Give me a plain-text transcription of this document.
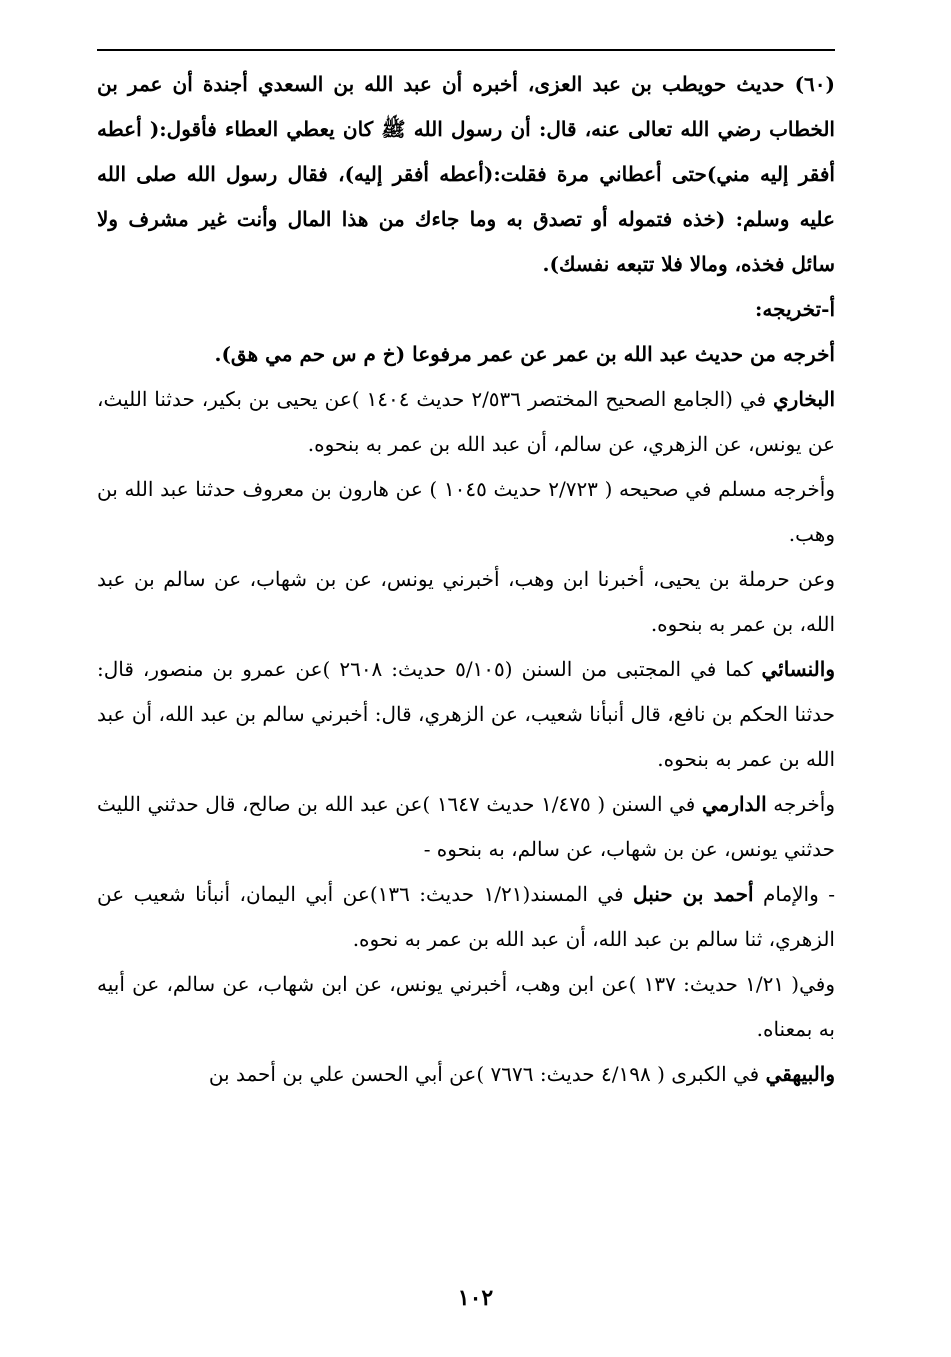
(٦٠) حديث حويطب بن عبد العزى، أخبره أن عبد الله بن السعدي أجندة أن عمر بن الخطاب رضي الله تعالى عنه، قال: أن رسول الله ﷺ كان يعطي العطاء فأقول:( أعطه أفقر إليه مني)حتى أعطاني مرة فقلت:(أعطه أفقر إليه)، فقال رسول الله صلى الله عليه وسلم: (خذه فتموله أو تصدق به وما جاءك من هذا المال وأنت غير مشرف ولا سائل فخذه، ومالا فلا تتبعه نفسك).

أ-تخريجه:

أخرجه من حديث عبد الله بن عمر عن عمر مرفوعا (خ م س حم مي هق).

البخاري في (الجامع الصحيح المختصر ٢/٥٣٦ حديث ١٤٠٤ )عن يحيى بن بكير، حدثنا الليث، عن يونس، عن الزهري، عن سالم، أن عبد الله بن عمر به بنحوه.

وأخرجه مسلم في صحيحه ( ٢/٧٢٣ حديث ١٠٤٥ ) عن هارون بن معروف حدثنا عبد الله بن وهب.

وعن حرملة بن يحيى، أخبرنا ابن وهب، أخبرني يونس، عن بن شهاب، عن سالم بن عبد الله، بن عمر به بنحوه.

والنسائي كما في المجتبى من السنن (٥/١٠٥ حديث: ٢٦٠٨ )عن عمرو بن منصور، قال: حدثنا الحكم بن نافع، قال أنبأنا شعيب، عن الزهري، قال: أخبرني سالم بن عبد الله، أن عبد الله بن عمر به بنحوه.

وأخرجه الدارمي في السنن ( ١/٤٧٥ حديث ١٦٤٧ )عن عبد الله بن صالح، قال حدثني الليث حدثني يونس، عن بن شهاب، عن سالم، به بنحوه -

- والإمام أحمد بن حنبل في المسند(١/٢١ حديث: ١٣٦)عن أبي اليمان، أنبأنا شعيب عن الزهري، ثنا سالم بن عبد الله، أن عبد الله بن عمر به نحوه.

وفي( ١/٢١ حديث: ١٣٧ )عن ابن وهب، أخبرني يونس، عن ابن شهاب، عن سالم، عن أبيه به بمعناه.

والبيهقي في الكبرى ( ٤/١٩٨ حديث: ٧٦٧٦ )عن أبي الحسن علي بن أحمد بن

١٠٢
